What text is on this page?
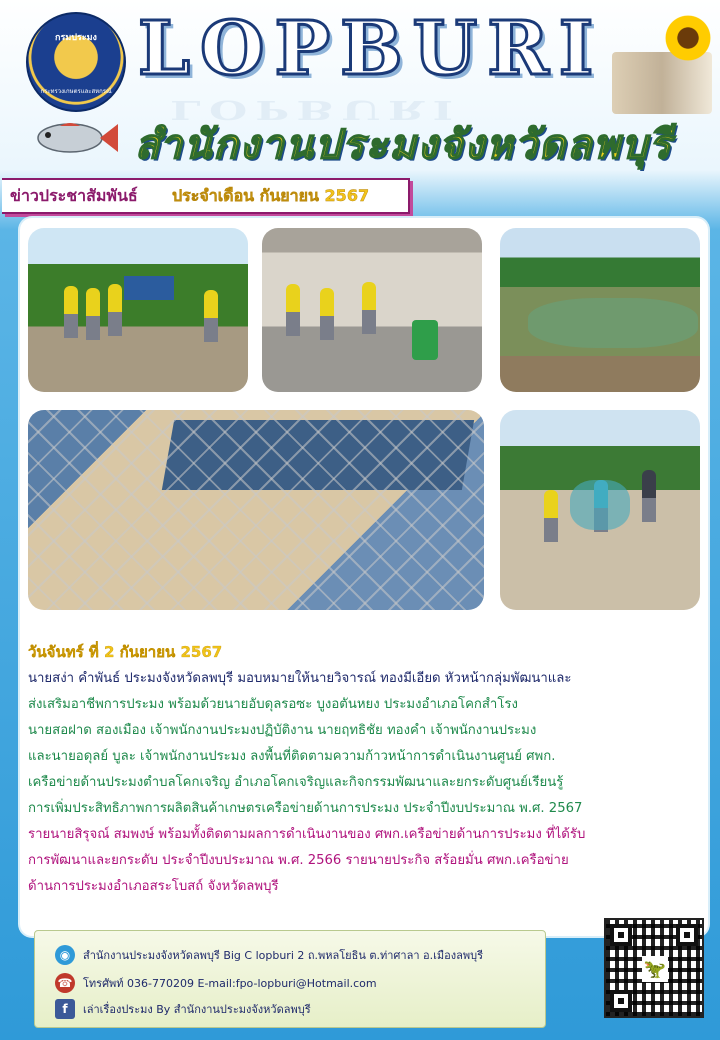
กรมประมง
กระทรวงเกษตรและสหกรณ์
LOPBURI
LOPBURI
สำนักงานประมงจังหวัดลพบุรี
ข่าวประชาสัมพันธ์ ประจำเดือน กันยายน 2567
วันจันทร์ ที่ 2 กันยายน 2567

นายสง่า คำพันธ์ ประมงจังหวัดลพบุรี มอบหมายให้นายวิจารณ์ ทองมีเอียด หัวหน้ากลุ่มพัฒนาและ
ส่งเสริมอาชีพการประมง พร้อมด้วยนายอับดุลรอซะ บูงอตันหยง ประมงอำเภอโคกสำโรง
นายสอฝาด สองเมือง เจ้าพนักงานประมงปฏิบัติงาน นายฤทธิชัย ทองคำ เจ้าพนักงานประมง
และนายอดุลย์ บูละ เจ้าพนักงานประมง ลงพื้นที่ติดตามความก้าวหน้าการดำเนินงานศูนย์ ศพก.
เครือข่ายด้านประมงตำบลโคกเจริญ อำเภอโคกเจริญและกิจกรรมพัฒนาและยกระดับศูนย์เรียนรู้
การเพิ่มประสิทธิภาพการผลิตสินค้าเกษตรเครือข่ายด้านการประมง ประจำปีงบประมาณ พ.ศ. 2567
รายนายสิรุจณ์ สมพงษ์ พร้อมทั้งติดตามผลการดำเนินงานของ ศพก.เครือข่ายด้านการประมง ที่ได้รับ
การพัฒนาและยกระดับ ประจำปีงบประมาณ พ.ศ. 2566 รายนายประกิจ สร้อยมั่น ศพก.เครือข่าย
ด้านการประมงอำเภอสระโบสถ์ จังหวัดลพบุรี

◉	สำนักงานประมงจังหวัดลพบุรี Big C lopburi 2 ถ.พหลโยธิน ต.ท่าศาลา อ.เมืองลพบุรี
☎ โทรศัพท์ 036-770209 E-mail:fpo-lopburi@Hotmail.com
f	เล่าเรื่องประมง By สำนักงานประมงจังหวัดลพบุรี
🦖
